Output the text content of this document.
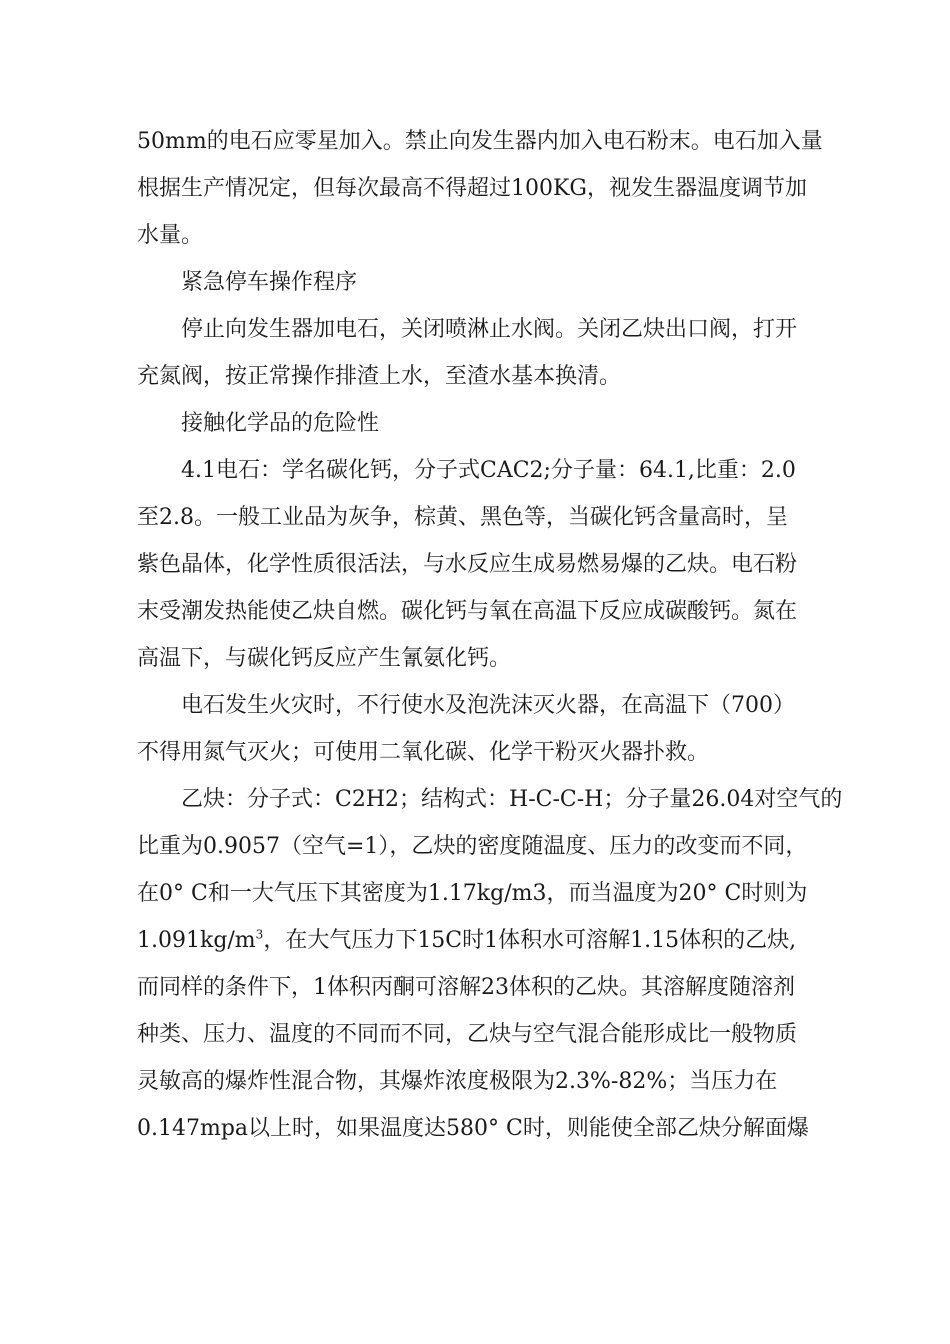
50mm的电石应零星加入。禁止向发生器内加入电石粉末。电石加入量
根据生产情况定，但每次最高不得超过100KG，视发生器温度调节加
水量。
紧急停车操作程序
停止向发生器加电石，关闭喷淋止水阀。关闭乙炔出口阀，打开
充氮阀，按正常操作排渣上水，至渣水基本换清。
接触化学品的危险性
4.1电石：学名碳化钙，分子式CAC2;分子量：64.1,比重：2.0
至2.8。一般工业品为灰争，棕黄、黑色等，当碳化钙含量高时，呈
紫色晶体，化学性质很活法，与水反应生成易燃易爆的乙炔。电石粉
末受潮发热能使乙炔自燃。碳化钙与氧在高温下反应成碳酸钙。氮在
高温下，与碳化钙反应产生氰氨化钙。
电石发生火灾时，不行使水及泡洗沫灭火器，在高温下（700）
不得用氮气灭火；可使用二氧化碳、化学干粉灭火器扑救。
乙炔：分子式：C2H2；结构式：H-C-C-H；分子量26.04对空气的
比重为0.9057（空气=1），乙炔的密度随温度、压力的改变而不同，
在0° C和一大气压下其密度为1.17kg/m3，而当温度为20° C时则为
$1.091kg/m^3$，在大气压力下15C时1体积水可溶解1.15体积的乙炔,
而同样的条件下，1体积丙酮可溶解23体积的乙炔。其溶解度随溶剂
种类、压力、温度的不同而不同，乙炔与空气混合能形成比一般物质
灵敏高的爆炸性混合物，其爆炸浓度极限为2.3%-82%；当压力在
0.147mpa以上时，如果温度达580° C时，则能使全部乙炔分解面爆
